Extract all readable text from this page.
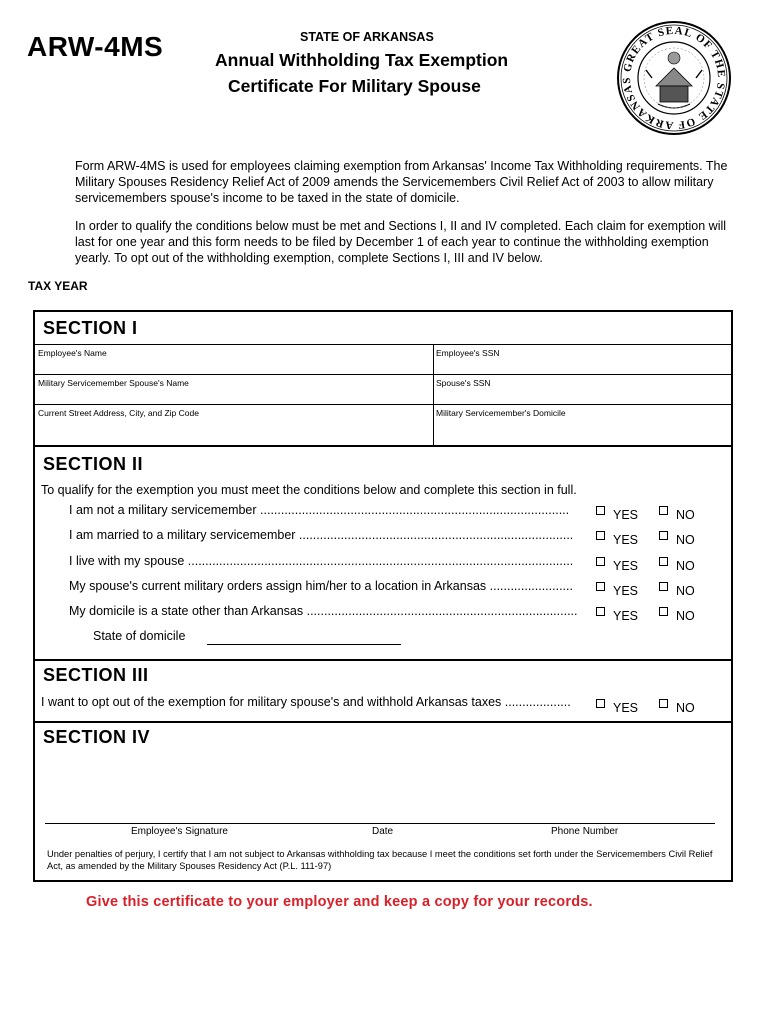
ARW-4MS	STATE OF ARKANSAS
Annual Withholding Tax Exemption
Certificate For Military Spouse
GREAT SEAL OF THE STATE OF ARKANSAS
Form ARW-4MS is used for employees claiming exemption from Arkansas' Income Tax Withholding requirements. The Military Spouses Residency Relief Act of 2009 amends the Servicemembers Civil Relief Act of 2003 to allow military servicemembers spouse's income to be taxed in the state of domicile.
In order to qualify the conditions below must be met and Sections I, II and IV completed. Each claim for exemption will last for one year and this form needs to be filed by December 1 of each year to continue the withholding exemption yearly. To opt out of the withholding exemption, complete Sections I, III and IV below.
TAX YEAR
SECTION I
Employee's Name	Employee's SSN
Military Servicemember Spouse's Name	Spouse's SSN
Current Street Address, City, and Zip Code	Military Servicemember's Domicile
SECTION II
To qualify for the exemption you must meet the conditions below and complete this section in full.
I am not a military servicemember .........................................................................................	YES	NO
I am married to a military servicemember ...............................................................................	YES	NO
I live with my spouse ...............................................................................................................	YES	NO
My spouse's current military orders assign him/her to a location in Arkansas ........................	YES	NO
My domicile is a state other than Arkansas ..............................................................................	YES	NO
State of domicile
SECTION III
I want to opt out of the exemption for military spouse's and withhold Arkansas taxes ...................	YES	NO
SECTION IV
Employee's Signature	Date	Phone Number
Under penalties of perjury, I certify that I am not subject to Arkansas withholding tax because I meet the conditions set forth under the Servicemembers Civil Relief Act, as amended by the Military Spouses Residency Act (P.L. 111-97)
Give this certificate to your employer and keep a copy for your records.
